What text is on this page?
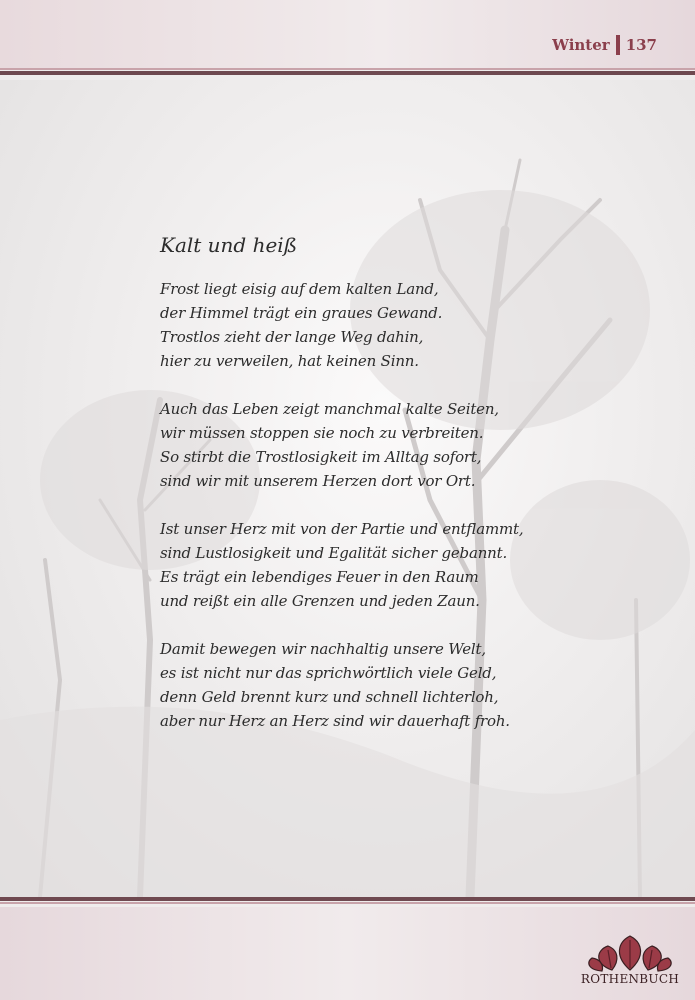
Winter 137
Kalt und heiß
Frost liegt eisig auf dem kalten Land,
der Himmel trägt ein graues Gewand.
Trostlos zieht der lange Weg dahin,
hier zu verweilen, hat keinen Sinn.
Auch das Leben zeigt manchmal kalte Seiten,
wir müssen stoppen sie noch zu verbreiten.
So stirbt die Trostlosigkeit im Alltag sofort,
sind wir mit unserem Herzen dort vor Ort.
Ist unser Herz mit von der Partie und entflammt,
sind Lustlosigkeit und Egalität sicher gebannt.
Es trägt ein lebendiges Feuer in den Raum
und reißt ein alle Grenzen und jeden Zaun.
Damit bewegen wir nachhaltig unsere Welt,
es ist nicht nur das sprichwörtlich viele Geld,
denn Geld brennt kurz und schnell lichterloh,
aber nur Herz an Herz sind wir dauerhaft froh.
ROTHENBUCH
